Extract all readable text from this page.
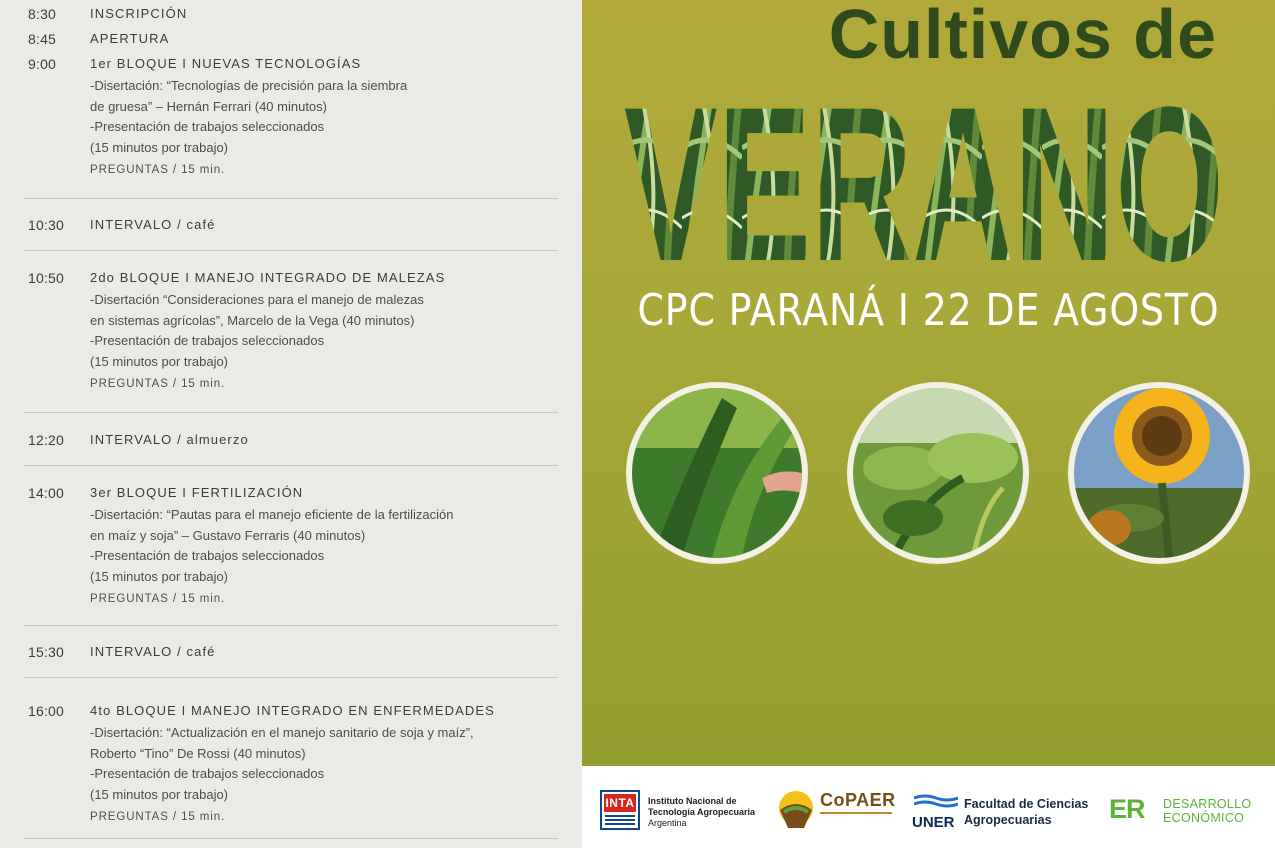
8:30	INSCRIPCIÓN
8:45	APERTURA
9:00	1er BLOQUE I NUEVAS TECNOLOGÍAS
-Disertación: “Tecnologías de precisión para la siembra
de gruesa” – Hernán Ferrari (40 minutos)
-Presentación de trabajos seleccionados
(15 minutos por trabajo)
PREGUNTAS / 15 min.
10:30 INTERVALO / café
10:50 2do BLOQUE I MANEJO INTEGRADO DE MALEZAS
-Disertación “Consideraciones para el manejo de malezas
en sistemas agrícolas”, Marcelo de la Vega (40 minutos)
-Presentación de trabajos seleccionados
(15 minutos por trabajo)
PREGUNTAS / 15 min.
12:20 INTERVALO / almuerzo
14:00 3er BLOQUE I FERTILIZACIÓN
-Disertación: “Pautas para el manejo eficiente de la fertilización
en maíz y soja” – Gustavo Ferraris (40 minutos)
-Presentación de trabajos seleccionados
(15 minutos por trabajo)
PREGUNTAS / 15 min.
15:30 INTERVALO / café
16:00 4to BLOQUE I MANEJO INTEGRADO EN ENFERMEDADES
-Disertación: “Actualización en el manejo sanitario de soja y maíz”,
Roberto “Tino” De Rossi (40 minutos)
-Presentación de trabajos seleccionados
(15 minutos por trabajo)
PREGUNTAS / 15 min.
Cultivos de
CPC PARANÁ I 22 DE AGOSTO
INTA Instituto Nacional de
Tecnología Agropecuaria
Argentina
CoPAER
UNER
Facultad de Ciencias
Agropecuarias	ER DESARROLLO
ECONÓMICO
